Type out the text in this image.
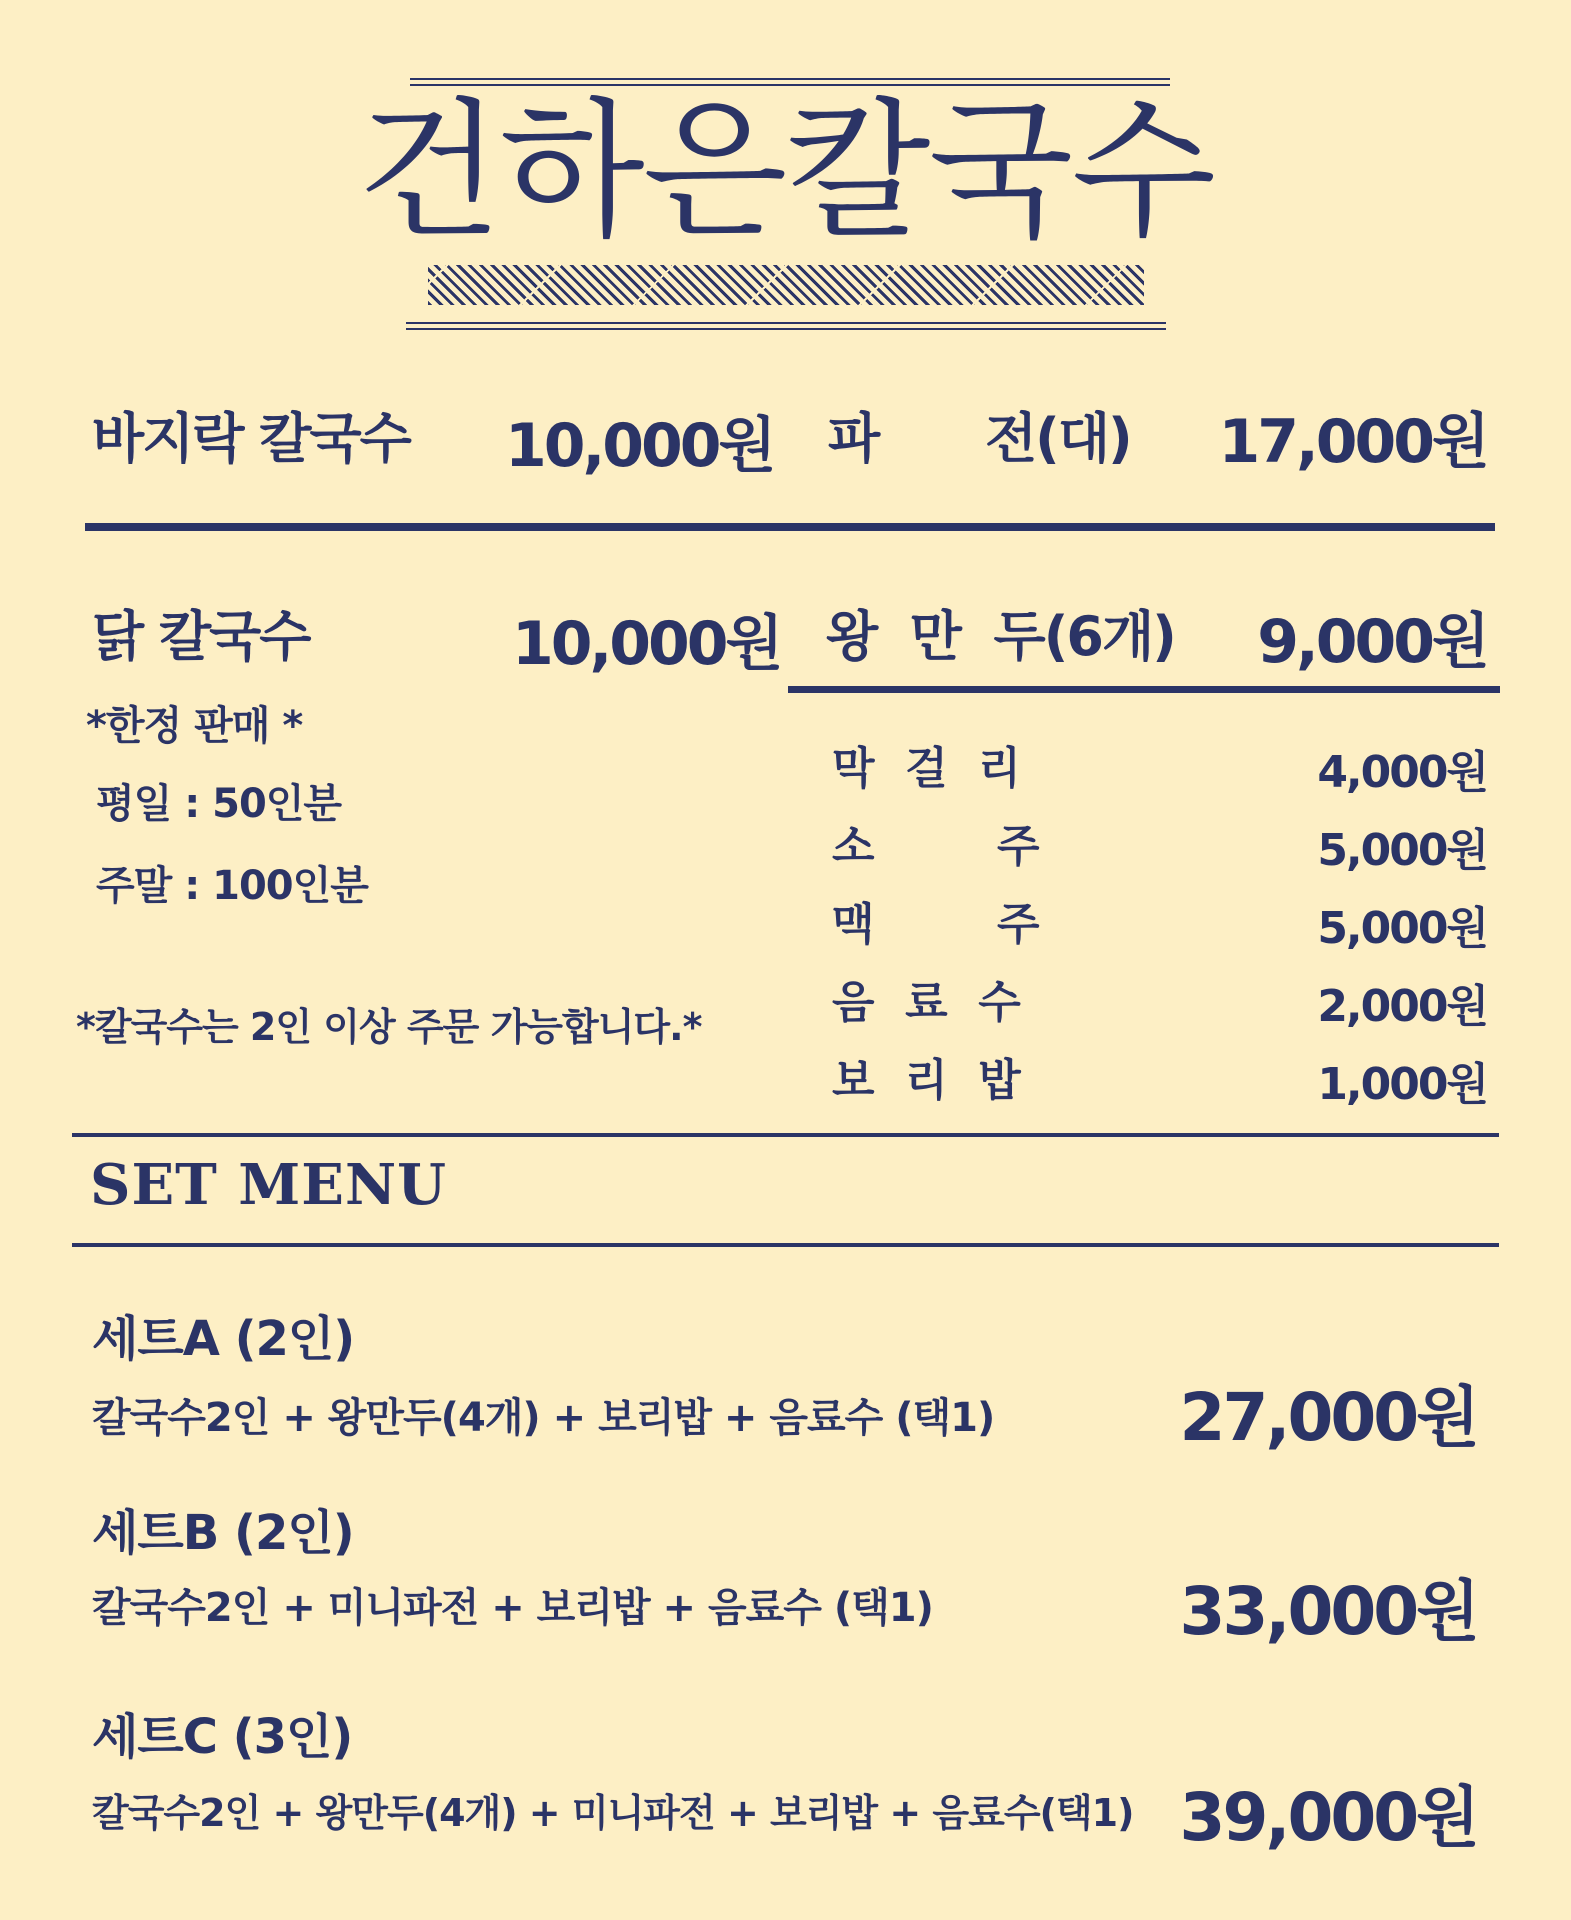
건하은칼국수
바지락 칼국수 10,000원 파 전(대) 17,000원
닭 칼국수	10,000원 왕  만  두(6개) 9,000원
*한정 판매 *
평일 : 50인분
주말 : 100인분
*칼국수는 2인 이상 주문 가능합니다.*
막  걸  리	4,000원
소        주	5,000원
맥        주	5,000원
음  료  수	2,000원
보  리  밥	1,000원
SET MENU
세트A (2인)
칼국수2인 + 왕만두(4개) + 보리밥 + 음료수 (택1)	27,000원
세트B (2인)
칼국수2인 + 미니파전 + 보리밥 + 음료수 (택1)	33,000원
세트C (3인)
칼국수2인 + 왕만두(4개) + 미니파전 + 보리밥 + 음료수(택1) 39,000원
